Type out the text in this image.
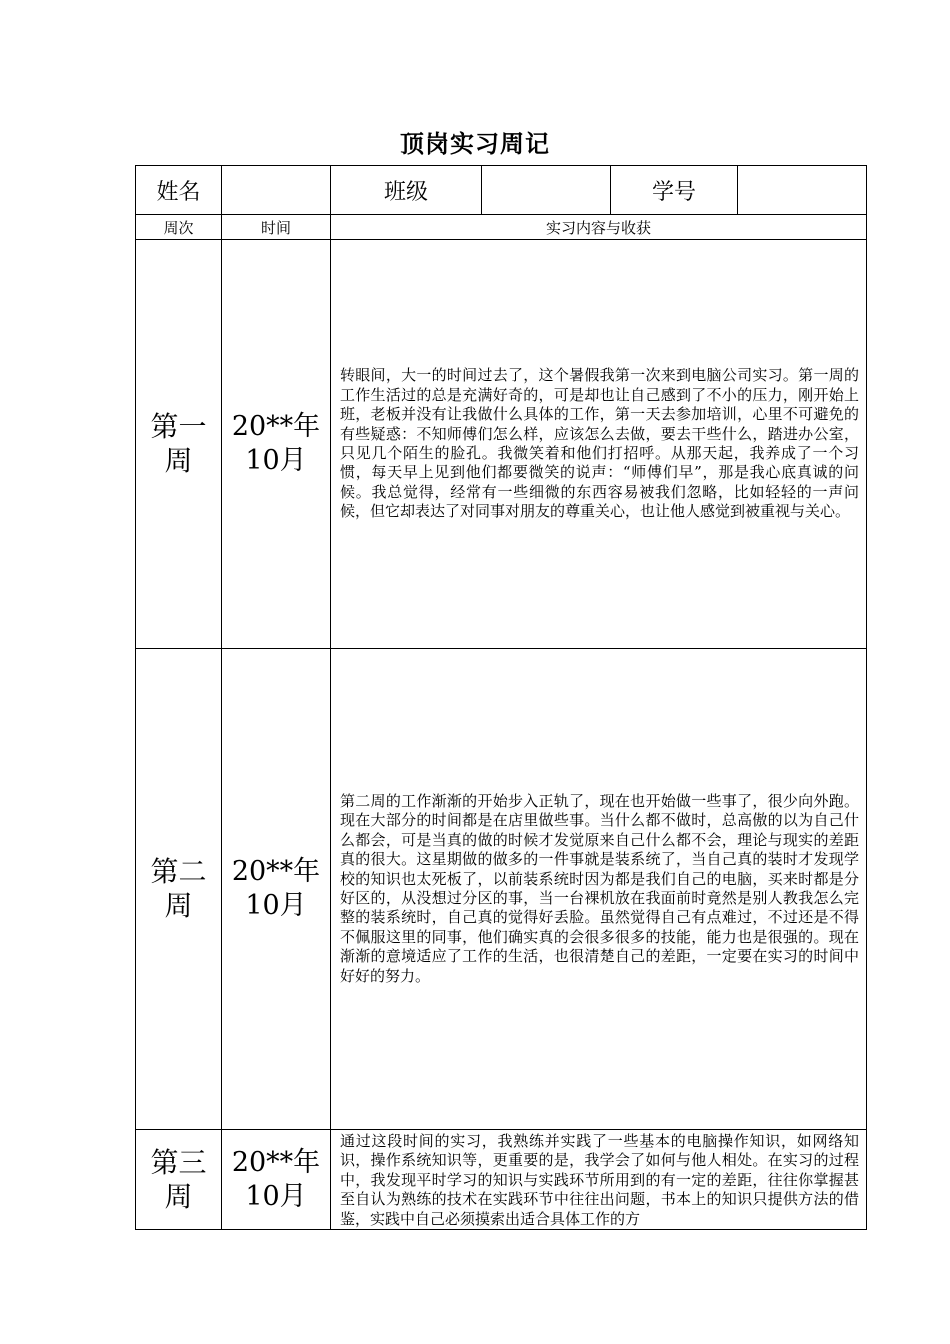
顶岗实习周记
姓名		班级		学号	
周次	时间	实习内容与收获			

第一周	20**年10月	转眼间，大一的时间过去了，这个暑假我第一次来到电脑公司实习。第一周的工作生活过的总是充满好奇的，可是却也让自己感到了不小的压力，刚开始上班，老板并没有让我做什么具体的工作，第一天去参加培训，心里不可避免的有些疑惑：不知师傅们怎么样，应该怎么去做，要去干些什么，踏进办公室，只见几个陌生的脸孔。我微笑着和他们打招呼。从那天起，我养成了一个习惯，每天早上见到他们都要微笑的说声：“师傅们早”，那是我心底真诚的问候。我总觉得，经常有一些细微的东西容易被我们忽略，比如轻轻的一声问候，但它却表达了对同事对朋友的尊重关心，也让他人感觉到被重视与关心。			

第二周	20**年10月	第二周的工作渐渐的开始步入正轨了，现在也开始做一些事了，很少向外跑。现在大部分的时间都是在店里做些事。当什么都不做时，总高傲的以为自己什么都会，可是当真的做的时候才发觉原来自己什么都不会，理论与现实的差距真的很大。这星期做的做多的一件事就是装系统了，当自己真的装时才发现学校的知识也太死板了，以前装系统时因为都是我们自己的电脑，买来时都是分好区的，从没想过分区的事，当一台裸机放在我面前时竟然是别人教我怎么完整的装系统时，自己真的觉得好丢脸。虽然觉得自己有点难过，不过还是不得不佩服这里的同事，他们确实真的会很多很多的技能，能力也是很强的。现在渐渐的意境适应了工作的生活，也很清楚自己的差距，一定要在实习的时间中好好的努力。			

第三周	20**年10月	通过这段时间的实习，我熟练并实践了一些基本的电脑操作知识，如网络知识，操作系统知识等，更重要的是，我学会了如何与他人相处。在实习的过程中，我发现平时学习的知识与实践环节所用到的有一定的差距，往往你掌握甚至自认为熟练的技术在实践环节中往往出问题，书本上的知识只提供方法的借鉴，实践中自己必须摸索出适合具体工作的方			
